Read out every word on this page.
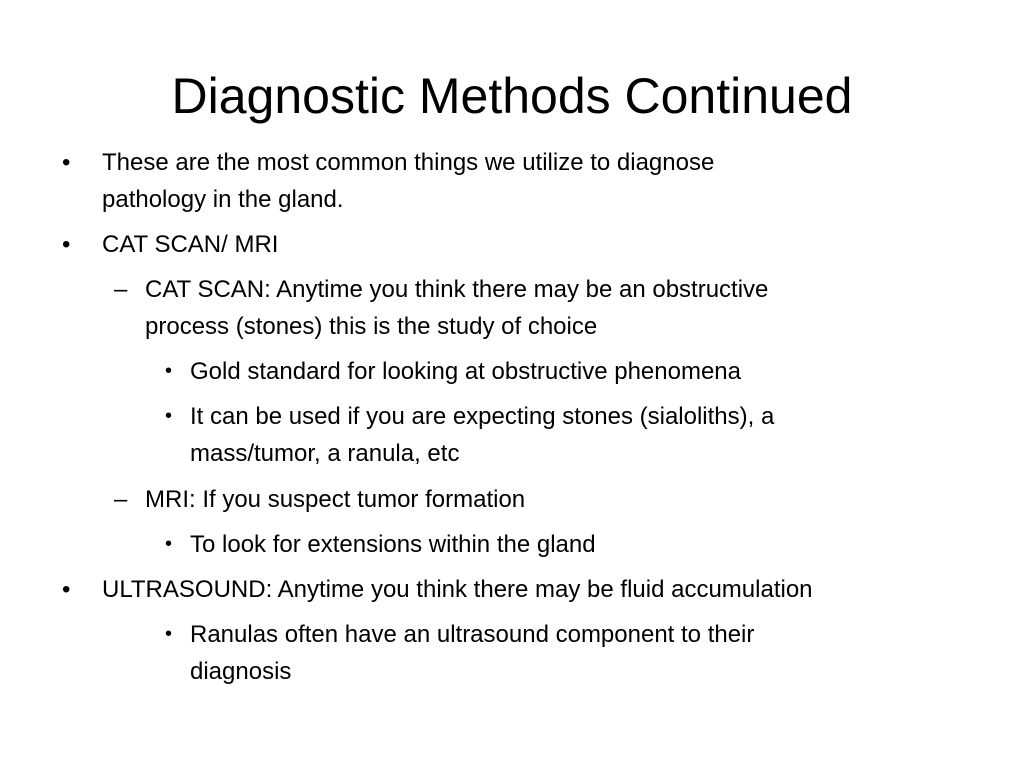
Diagnostic Methods Continued
• These are the most common things we utilize to diagnose
pathology in the gland.
• CAT SCAN/ MRI
– CAT SCAN: Anytime you think there may be an obstructive
process (stones) this is the study of choice
• Gold standard for looking at obstructive phenomena
• It can be used if you are expecting stones (sialoliths), a
mass/tumor, a ranula, etc
– MRI: If you suspect tumor formation
• To look for extensions within the gland
• ULTRASOUND: Anytime you think there may be fluid accumulation
• Ranulas often have an ultrasound component to their
diagnosis
